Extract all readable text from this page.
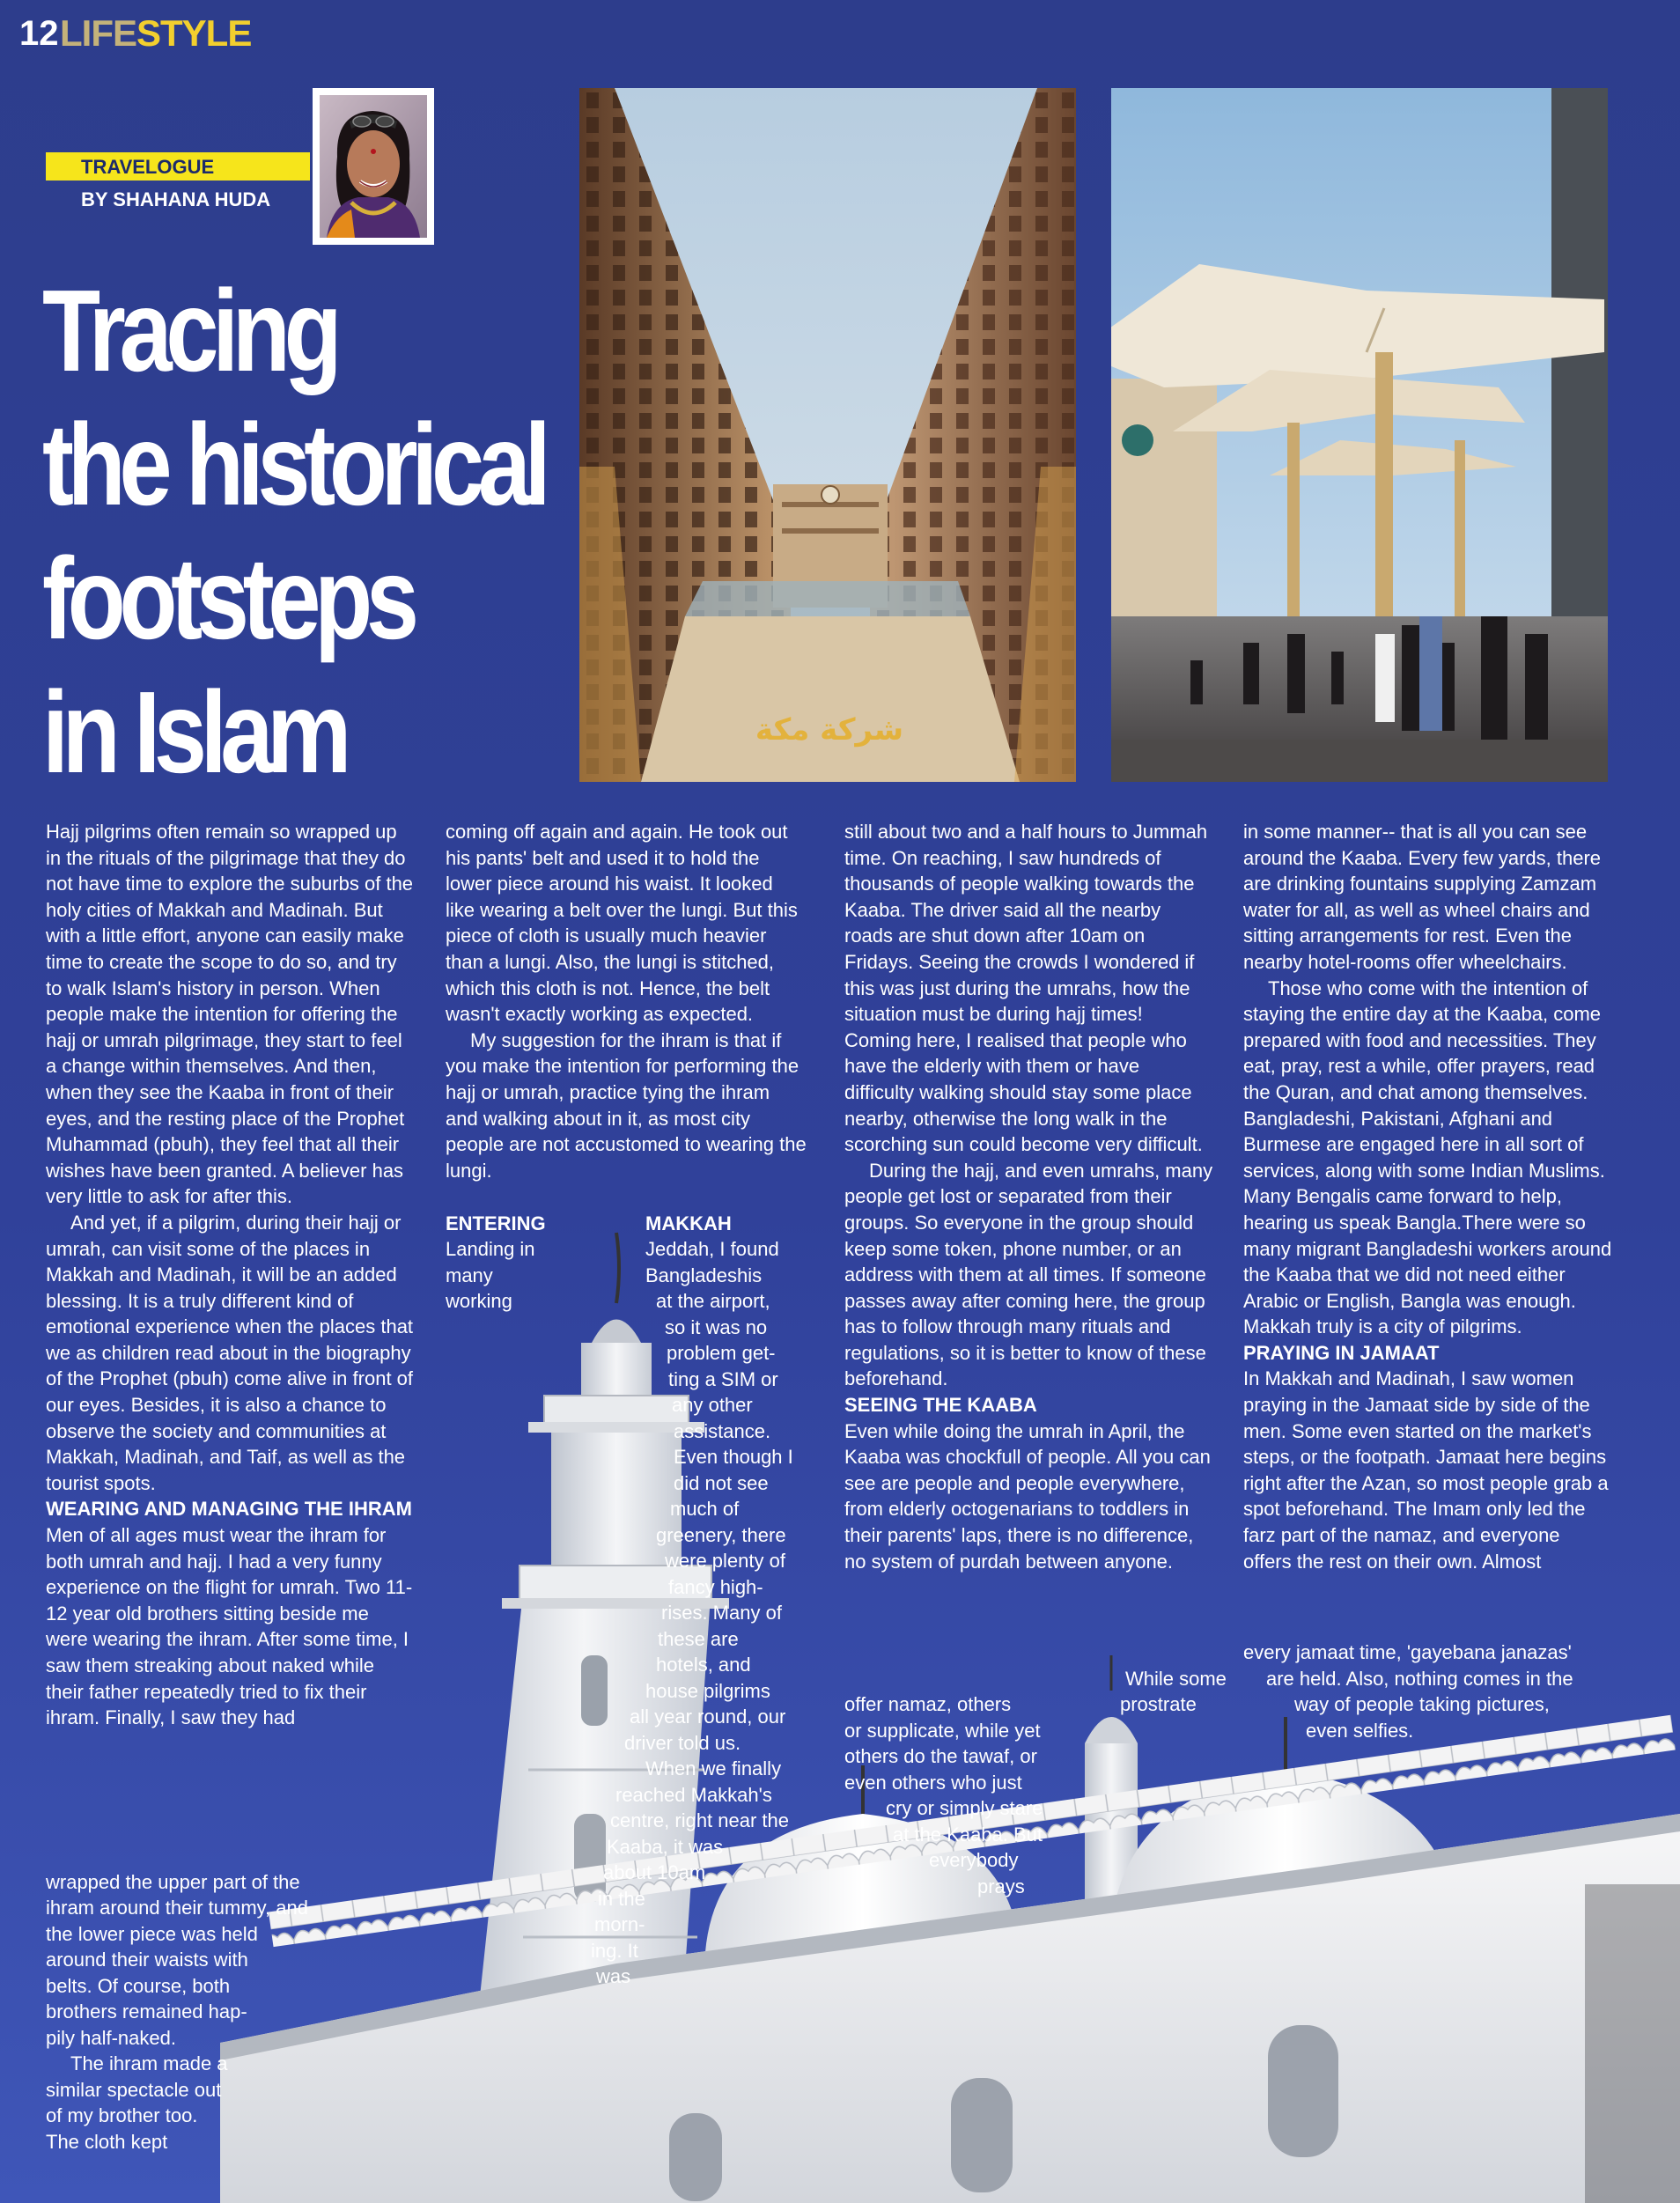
12 LIFESTYLE
TRAVELOGUE
BY SHAHANA HUDA
Tracing
the historical
footsteps
in Islam	شركة مكة

Hajj pilgrims often remain so wrapped up in the rituals of the pilgrimage that they do not have time to explore the suburbs of the holy cities of Makkah and Madinah. But with a little effort, anyone can easily make time to create the scope to do so, and try to walk Islam's history in person. When people make the intention for offering the hajj or umrah pilgrimage, they start to feel a change within themselves. And then, when they see the Kaaba in front of their eyes, and the resting place of the Prophet Muhammad (pbuh), they feel that all their wishes have been granted. A believer has very little to ask for after this.

And yet, if a pilgrim, during their hajj or umrah, can visit some of the places in Makkah and Madinah, it will be an added blessing. It is a truly different kind of emotional experience when the places that we as children read about in the biography of the Prophet (pbuh) come alive in front of our eyes. Besides, it is also a chance to observe the society and communities at Makkah, Madinah, and Taif, as well as the tourist spots.

WEARING AND MANAGING THE IHRAM

Men of all ages must wear the ihram for both umrah and hajj. I had a very funny experience on the flight for umrah. Two 11-12 year old brothers sitting beside me were wearing the ihram. After some time, I saw them streaking about naked while their father repeatedly tried to fix their ihram. Finally, I saw they had

wrapped the upper part of the
ihram around their tummy, and
the lower piece was held
around their waists with
belts. Of course, both
brothers remained hap-
pily half-naked.
The ihram made a
similar spectacle out
of my brother too.
The cloth kept

coming off again and again. He took out his pants' belt and used it to hold the lower piece around his waist. It looked like wearing a belt over the lungi. But this piece of cloth is usually much heavier than a lungi. Also, the lungi is stitched, which this cloth is not. Hence, the belt wasn't exactly working as expected.

My suggestion for the ihram is that if you make the intention for performing the hajj or umrah, practice tying the ihram and walking about in it, as most city people are not accustomed to wearing the lungi.

ENTERING	MAKKAH
Landing in
many
working
Jeddah, I found
Bangladeshis
at the airport,
so it was no
problem get-
ting a SIM or
any other
assistance.
Even though I
did not see
much of
greenery, there
were plenty of
fancy high-
rises. Many of
these are
hotels, and
house pilgrims
all year round, our
driver told us.
When we finally
reached Makkah's
centre, right near the
Kaaba, it was
about 10am
in the
morn-
ing. It
was

still about two and a half hours to Jummah time. On reaching, I saw hundreds of thousands of people walking towards the Kaaba. The driver said all the nearby roads are shut down after 10am on Fridays. Seeing the crowds I wondered if this was just during the umrahs, how the situation must be during hajj times! Coming here, I realised that people who have the elderly with them or have difficulty walking should stay some place nearby, otherwise the long walk in the scorching sun could become very difficult.

During the hajj, and even umrahs, many people get lost or separated from their groups. So everyone in the group should keep some token, phone number, or an address with them at all times. If someone passes away after coming here, the group has to follow through many rituals and regulations, so it is better to know of these beforehand.

SEEING THE KAABA

Even while doing the umrah in April, the Kaaba was chockfull of people. All you can see are people and people everywhere, from elderly octogenarians to toddlers in their parents' laps, there is no difference, no system of purdah between anyone.

While some
offer namaz, others	prostrate
or supplicate, while yet
others do the tawaf, or
even others who just
cry or simply stare
at the Kaaba. But
everybody
prays

in some manner-- that is all you can see around the Kaaba. Every few yards, there are drinking fountains supplying Zamzam water for all, as well as wheel chairs and sitting arrangements for rest. Even the nearby hotel-rooms offer wheelchairs.

Those who come with the intention of staying the entire day at the Kaaba, come prepared with food and necessities. They eat, pray, rest a while, offer prayers, read the Quran, and chat among themselves. Bangladeshi, Pakistani, Afghani and Burmese are engaged here in all sort of services, along with some Indian Muslims. Many Bengalis came forward to help, hearing us speak Bangla.There were so many migrant Bangladeshi workers around the Kaaba that we did not need either Arabic or English, Bangla was enough. Makkah truly is a city of pilgrims.

PRAYING IN JAMAAT

In Makkah and Madinah, I saw women praying in the Jamaat side by side of the men. Some even started on the market's steps, or the footpath. Jamaat here begins right after the Azan, so most people grab a spot beforehand. The Imam only led the farz part of the namaz, and everyone offers the rest on their own. Almost

every jamaat time, 'gayebana janazas'
are held. Also, nothing comes in the
way of people taking pictures,
even selfies.
